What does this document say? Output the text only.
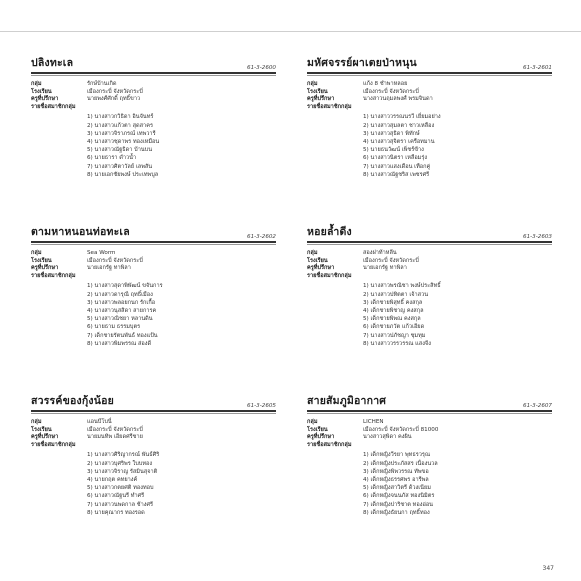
ปลิงทะเล	61-3-2600
กลุ่ม	รักษ์บ้านเกิด
โรงเรียน	เมืองกระบี่ จังหวัดกระบี่
ครูที่ปรึกษา	นายพงศ์ศักดิ์ ฤทธิ์ขาว
รายชื่อสมาชิกกลุ่ม
1) นางสาวกวิธิดา อินจันทร์
2) นางสาวแก้วตา สุดสาคร
3) นางสาวจิราภรณ์ เทพวารี
4) นางสาวชุดาพร ทองเหมือน
5) นางสาวณัฐธิดา บ้านบน
6) นายธารา ดำวน้ำ
7) นางสาวศิตาวัลย์ เลพสัน
8) นายเอกชัยพงษ์ ประเทพบูล
มหัศจรรย์ผาเตยป่าหนุน	61-3-2601
กลุ่ม	แก้ง 8 ชำพาหลอย
โรงเรียน	เมืองกระบี่ จังหวัดกระบี่
ครูที่ปรึกษา	นางสาวนฤมลพงศ์ พรมจินดา
รายชื่อสมาชิกกลุ่ม
1) นางสาววรรณนรวี เยี่ยมอย่าง
2) นางสาวสุมลตา ชาวเหลือง
3) นางสาวสุธิดา พิทักษ์
4) นางสาวสุจิตรา เครือทมาน
5) นายธนวัฒน์ เพ็ชร์ข้าง
6) นางสาวนิตรา เหลือมรุ่ง
7) นางสาวแสงเดือน เทือกคู่
8) นางสาวณัฐชริส เพชรศรี
ตามหาหนอนท่อทะเล	61-3-2602
กลุ่ม	Sea Worm
โรงเรียน	เมืองกระบี่ จังหวัดกระบี่
ครูที่ปรึกษา	นายเอกรัฐ ทาพิลา
รายชื่อสมาชิกกลุ่ม
1) นางสาวสุดาพิพัฒน์ ขจันการ
2) นางสาวดารุณี ฤทธิ์เมือง
3) นางสาวพลอยกนก รักเกื้อ
4) นางสาวนุสสิดา สายการค
5) นางสาวณิชยา หลานดิน
6) นายธาม ธรรมบุตร
7) เด็กชายรัตนพันธ์ ทองแป้น
8) นางสาวพิมพรรณ ส่องดี
หอยล้ำดีง	61-3-2603
กลุ่ม	สองฝาท้าหลีน
โรงเรียน	เมืองกระบี่ จังหวัดกระบี่
ครูที่ปรึกษา	นายเอกรัฐ ทาพิลา
รายชื่อสมาชิกกลุ่ม
1) นางสาวพรณิชา พงษ์ประสิทธิ์
2) นางสาวปทิตตา เจ้าสวน
3) เด็กชายพิสุทธิ์ คงสกุล
4) เด็กชายพิชาญ คงสกุล
5) เด็กชายพิพณ คงสกุล
6) เด็กชายภวัต แก้วเอียด
7) นางสาวปภัชญา ชุมทุม
8) นางสาววรรวรรณ แสงจีง
สวรรค์ของกุ้งน้อย	61-3-2605
กลุ่ม	แอนบีโบนี่
โรงเรียน	เมืองกระบี่ จังหวัดกระบี่
ครูที่ปรึกษา	นายมนทิพ เอียดศรีชาย
รายชื่อสมาชิกกลุ่ม
1) นางสาวศิริญากรณ์ พันธ์ศิริ
2) นางสาวบุศริพร ใบบทอง
3) นางสาวจิราญ รัสมินสุจาติ
4) นายกฤต คทยางค์
5) นางสาวกตยศติ ทองทอบ
6) นางสาวณัฐนรี ทำศรี
7) นางสาวนพดกาล ช้างศรี
8) นายคุณากร ทองรอด
สายสัมภูมิอากาศ	61-3-2607
กลุ่ม	LICHEN
โรงเรียน	เมืองกระบี่ จังหวัดกระบี่ 81000
ครูที่ปรึกษา	นางสาวสุพิดา คงผิน
รายชื่อสมาชิกกลุ่ม
1) เด็กหญิงวีรยา พุทธรวรุณ
2) เด็กหญิงประภัสสร เนื่องนวล
3) เด็กหญิงพิพวรรณ ทัพขอ
4) เด็กหญิงธรรศพร อารีพล
5) เด็กหญิงสาวิตรี ด้วงเนียม
6) เด็กหญิงจนนภัส ทองนิมิตร
7) เด็กหญิงปาริชาต ทองอ่อน
8) เด็กหญิงธัยนกา ฤทธิ์ทอง
347
